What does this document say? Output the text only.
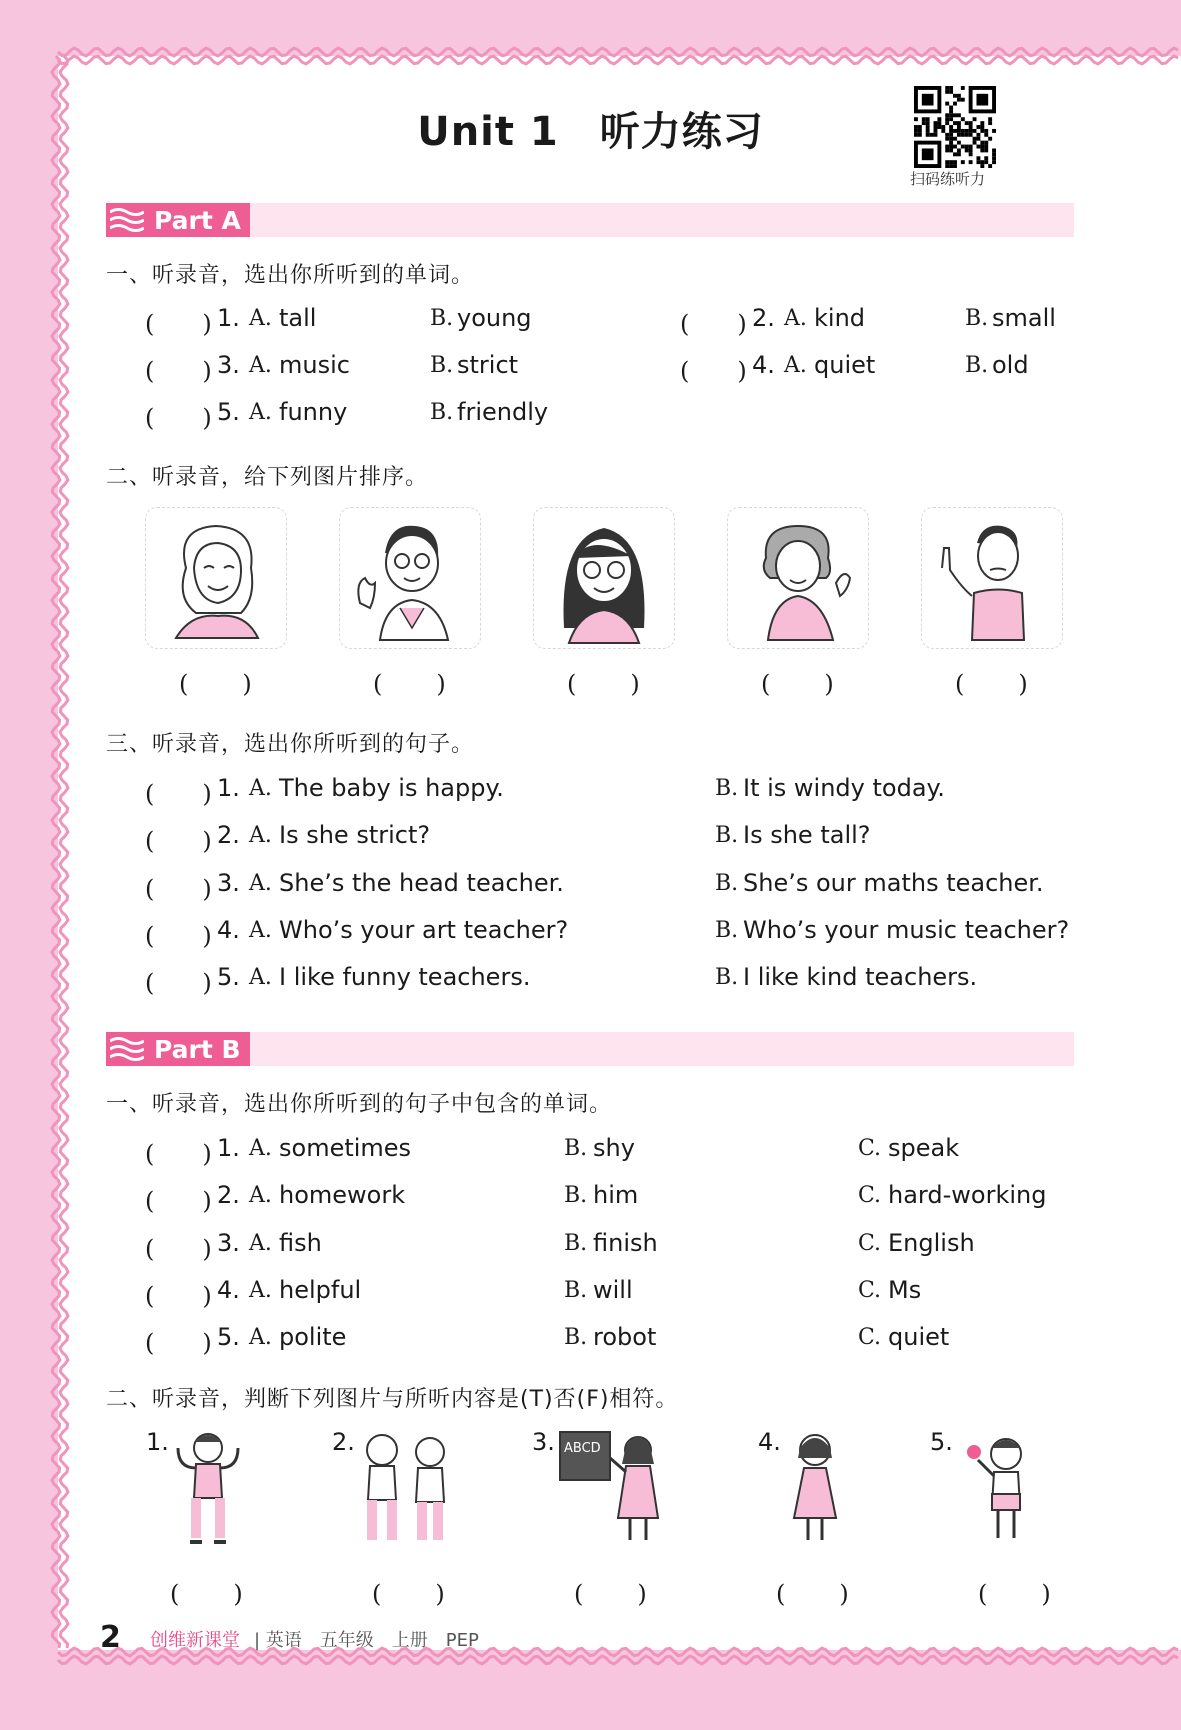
Unit 1　听力练习
扫码练听力
Part A
一、听录音，选出你所听到的单词。
二、听录音，给下列图片排序。
三、听录音，选出你所听到的句子。
Part B
一、听录音，选出你所听到的句子中包含的单词。
二、听录音，判断下列图片与所听内容是(T)否(F)相符。
1.	2.	3. ABCD	4.	5.
2 创维新课堂 | 英语　五年级　上册　PEP
(　　) 1. A. tall	B. young	(　　) 2. A. kind	B. small
(　　) 3. A. music	B. strict	(　　) 4. A. quiet	B. old
(　　) 5. A. funny	B. friendly
(　　)	(　　)	(　　)	(　　)	(　　)
(　　) 1. A. The baby is happy.	B. It is windy today.
(　　) 2. A. Is she strict?	B. Is she tall?
(　　) 3. A. She’s the head teacher.	B. She’s our maths teacher.
(　　) 4. A. Who’s your art teacher?	B. Who’s your music teacher?
(　　) 5. A. I like funny teachers.	B. I like kind teachers.
(　　) 1. A. sometimes	B. shy	C. speak
(　　) 2. A. homework	B. him	C. hard-working
(　　) 3. A. fish	B. finish	C. English
(　　) 4. A. helpful	B. will	C. Ms
(　　) 5. A. polite	B. robot	C. quiet
(　　)	(　　)	(　　)	(　　)	(　　)
